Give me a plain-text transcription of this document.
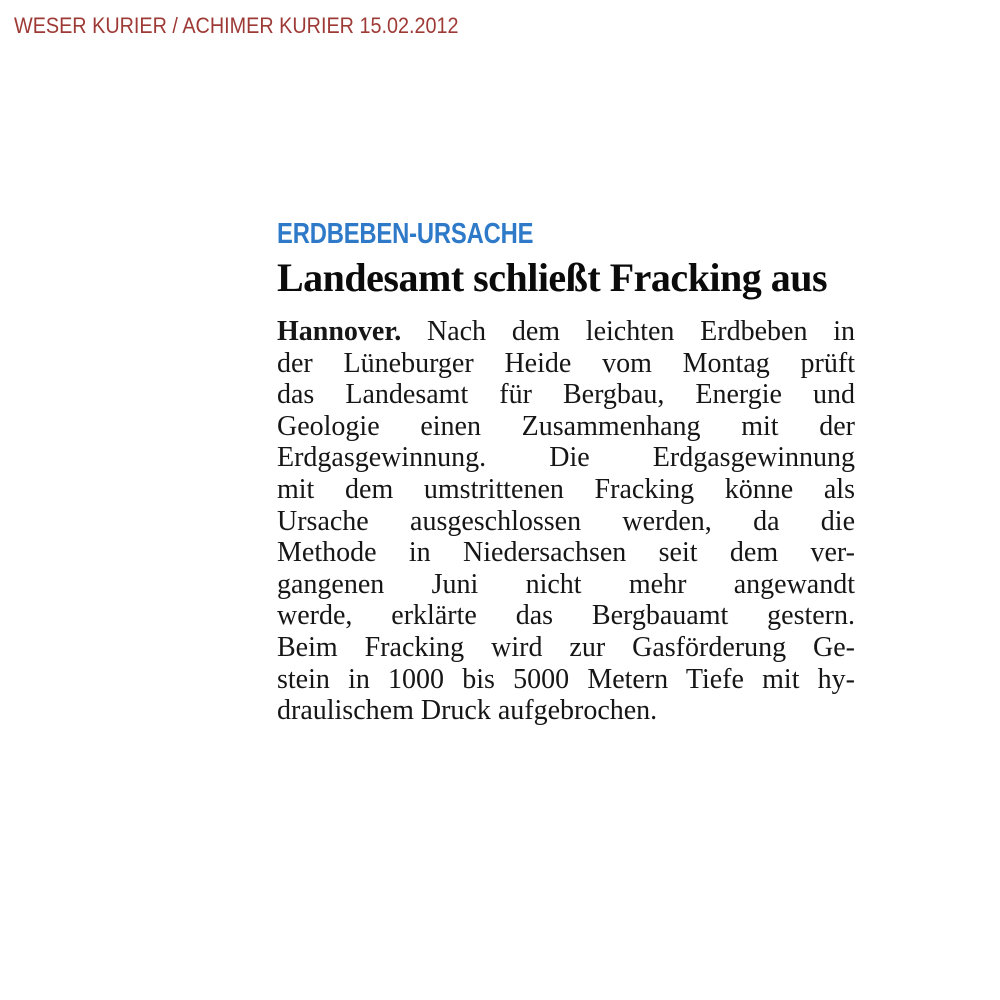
WESER KURIER / ACHIMER KURIER 15.02.2012
ERDBEBEN-URSACHE
Landesamt schließt Fracking aus
Hannover. Nach dem leichten Erdbeben in
der Lüneburger Heide vom Montag prüft
das Landesamt für Bergbau, Energie und
Geologie einen Zusammenhang mit der
Erdgasgewinnung. Die Erdgasgewinnung
mit dem umstrittenen Fracking könne als
Ursache ausgeschlossen werden, da die
Methode in Niedersachsen seit dem ver-
gangenen Juni nicht mehr angewandt
werde, erklärte das Bergbauamt gestern.
Beim Fracking wird zur Gasförderung Ge-
stein in 1000 bis 5000 Metern Tiefe mit hy-
draulischem Druck aufgebrochen.
